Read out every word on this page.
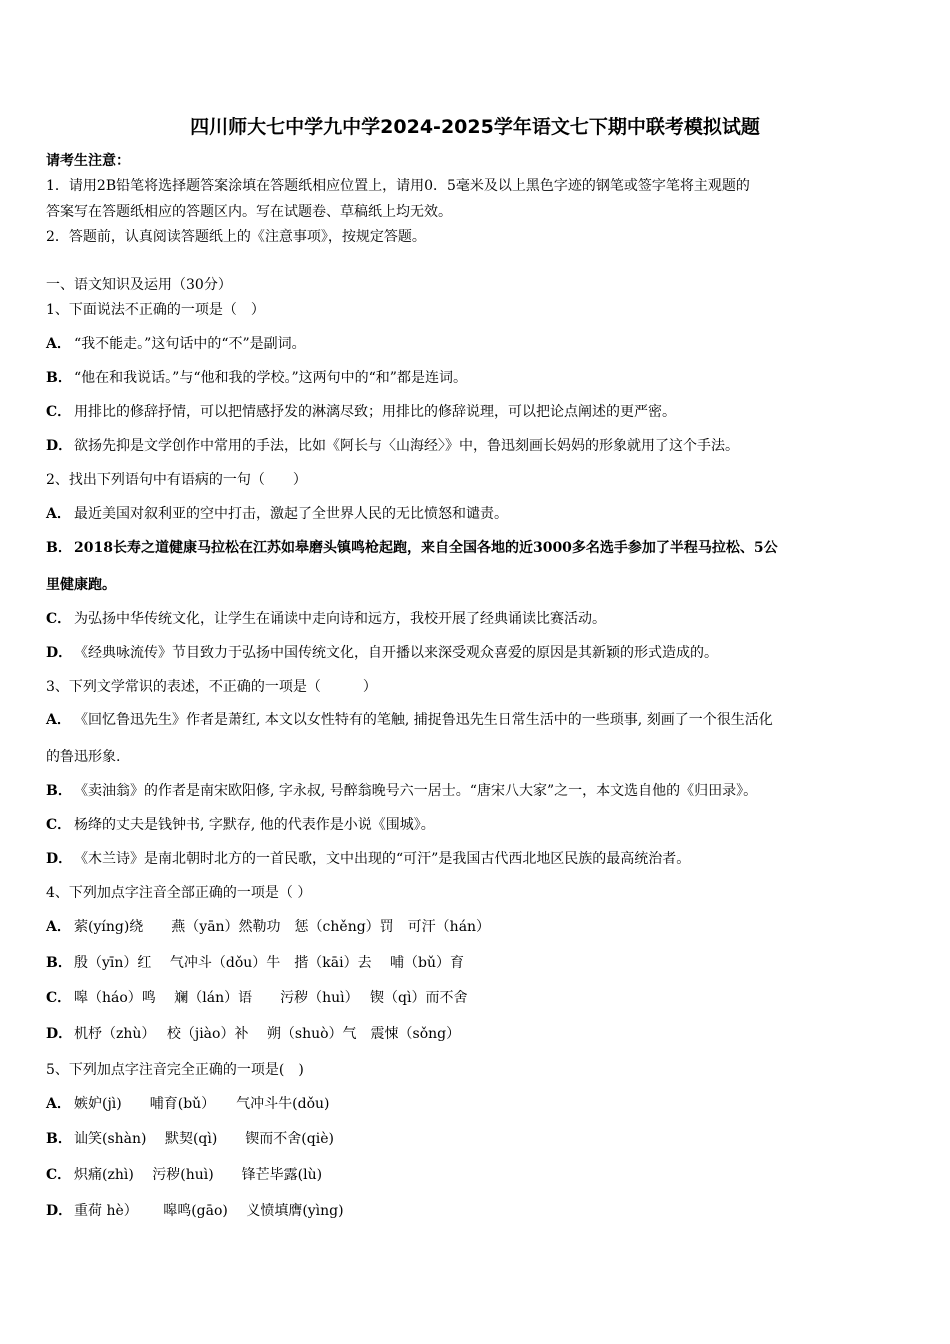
四川师大七中学九中学2024-2025学年语文七下期中联考模拟试题
请考生注意：
1．请用2B铅笔将选择题答案涂填在答题纸相应位置上，请用0．5毫米及以上黑色字迹的钢笔或签字笔将主观题的
答案写在答题纸相应的答题区内。写在试题卷、草稿纸上均无效。
2．答题前，认真阅读答题纸上的《注意事项》，按规定答题。
一、语文知识及运用（30分）
1、下面说法不正确的一项是（　）
A． “我不能走。”这句话中的“不”是副词。
B． “他在和我说话。”与“他和我的学校。”这两句中的“和”都是连词。
C． 用排比的修辞抒情，可以把情感抒发的淋漓尽致；用排比的修辞说理，可以把论点阐述的更严密。
D． 欲扬先抑是文学创作中常用的手法，比如《阿长与〈山海经〉》中，鲁迅刻画长妈妈的形象就用了这个手法。
2、找出下列语句中有语病的一句（　　）
A． 最近美国对叙利亚的空中打击，激起了全世界人民的无比愤怒和谴责。
B． 2018长寿之道健康马拉松在江苏如皋磨头镇鸣枪起跑，来自全国各地的近3000多名选手参加了半程马拉松、5公
里健康跑。
C． 为弘扬中华传统文化，让学生在诵读中走向诗和远方，我校开展了经典诵读比赛活动。
D． 《经典咏流传》节目致力于弘扬中国传统文化，自开播以来深受观众喜爱的原因是其新颖的形式造成的。
3、下列文学常识的表述，不正确的一项是（　　　）
A． 《回忆鲁迅先生》作者是萧红, 本文以女性特有的笔触, 捕捉鲁迅先生日常生活中的一些琐事, 刻画了一个很生活化
的鲁迅形象.
B． 《卖油翁》的作者是南宋欧阳修, 字永叔, 号醉翁晚号六一居士。“唐宋八大家”之一，本文选自他的《归田录》。
C． 杨绛的丈夫是钱钟书, 字默存, 他的代表作是小说《围城》。
D． 《木兰诗》是南北朝时北方的一首民歌，文中出现的“可汗”是我国古代西北地区民族的最高统治者。
4、下列加点字注音全部正确的一项是（ ）
A． 萦(yíng)绕　　燕（yān）然勒功　惩（chěng）罚　可汗（hán）
B． 殷（yīn）红　 气冲斗（dǒu）牛　揩（kāi）去　 哺（bǔ）育
C． 嗥（háo）鸣　 斓（lán）语　　污秽（huì）　 锲（qì）而不舍
D． 机杼（zhù）　 校（jiào）补　 朔（shuò）气　震悚（sǒng）
5、下列加点字注音完全正确的一项是(　)
A． 嫉妒(jì)　　哺育(bǔ）　　气冲斗牛(dǒu)
B． 讪笑(shàn)　 默契(qì)　　锲而不舍(qiè)
C． 炽痛(zhì)　 污秽(huì)　　锋芒毕露(lù)
D． 重荷 hè）　　 嗥鸣(gāo)　 义愤填膺(yìng)
